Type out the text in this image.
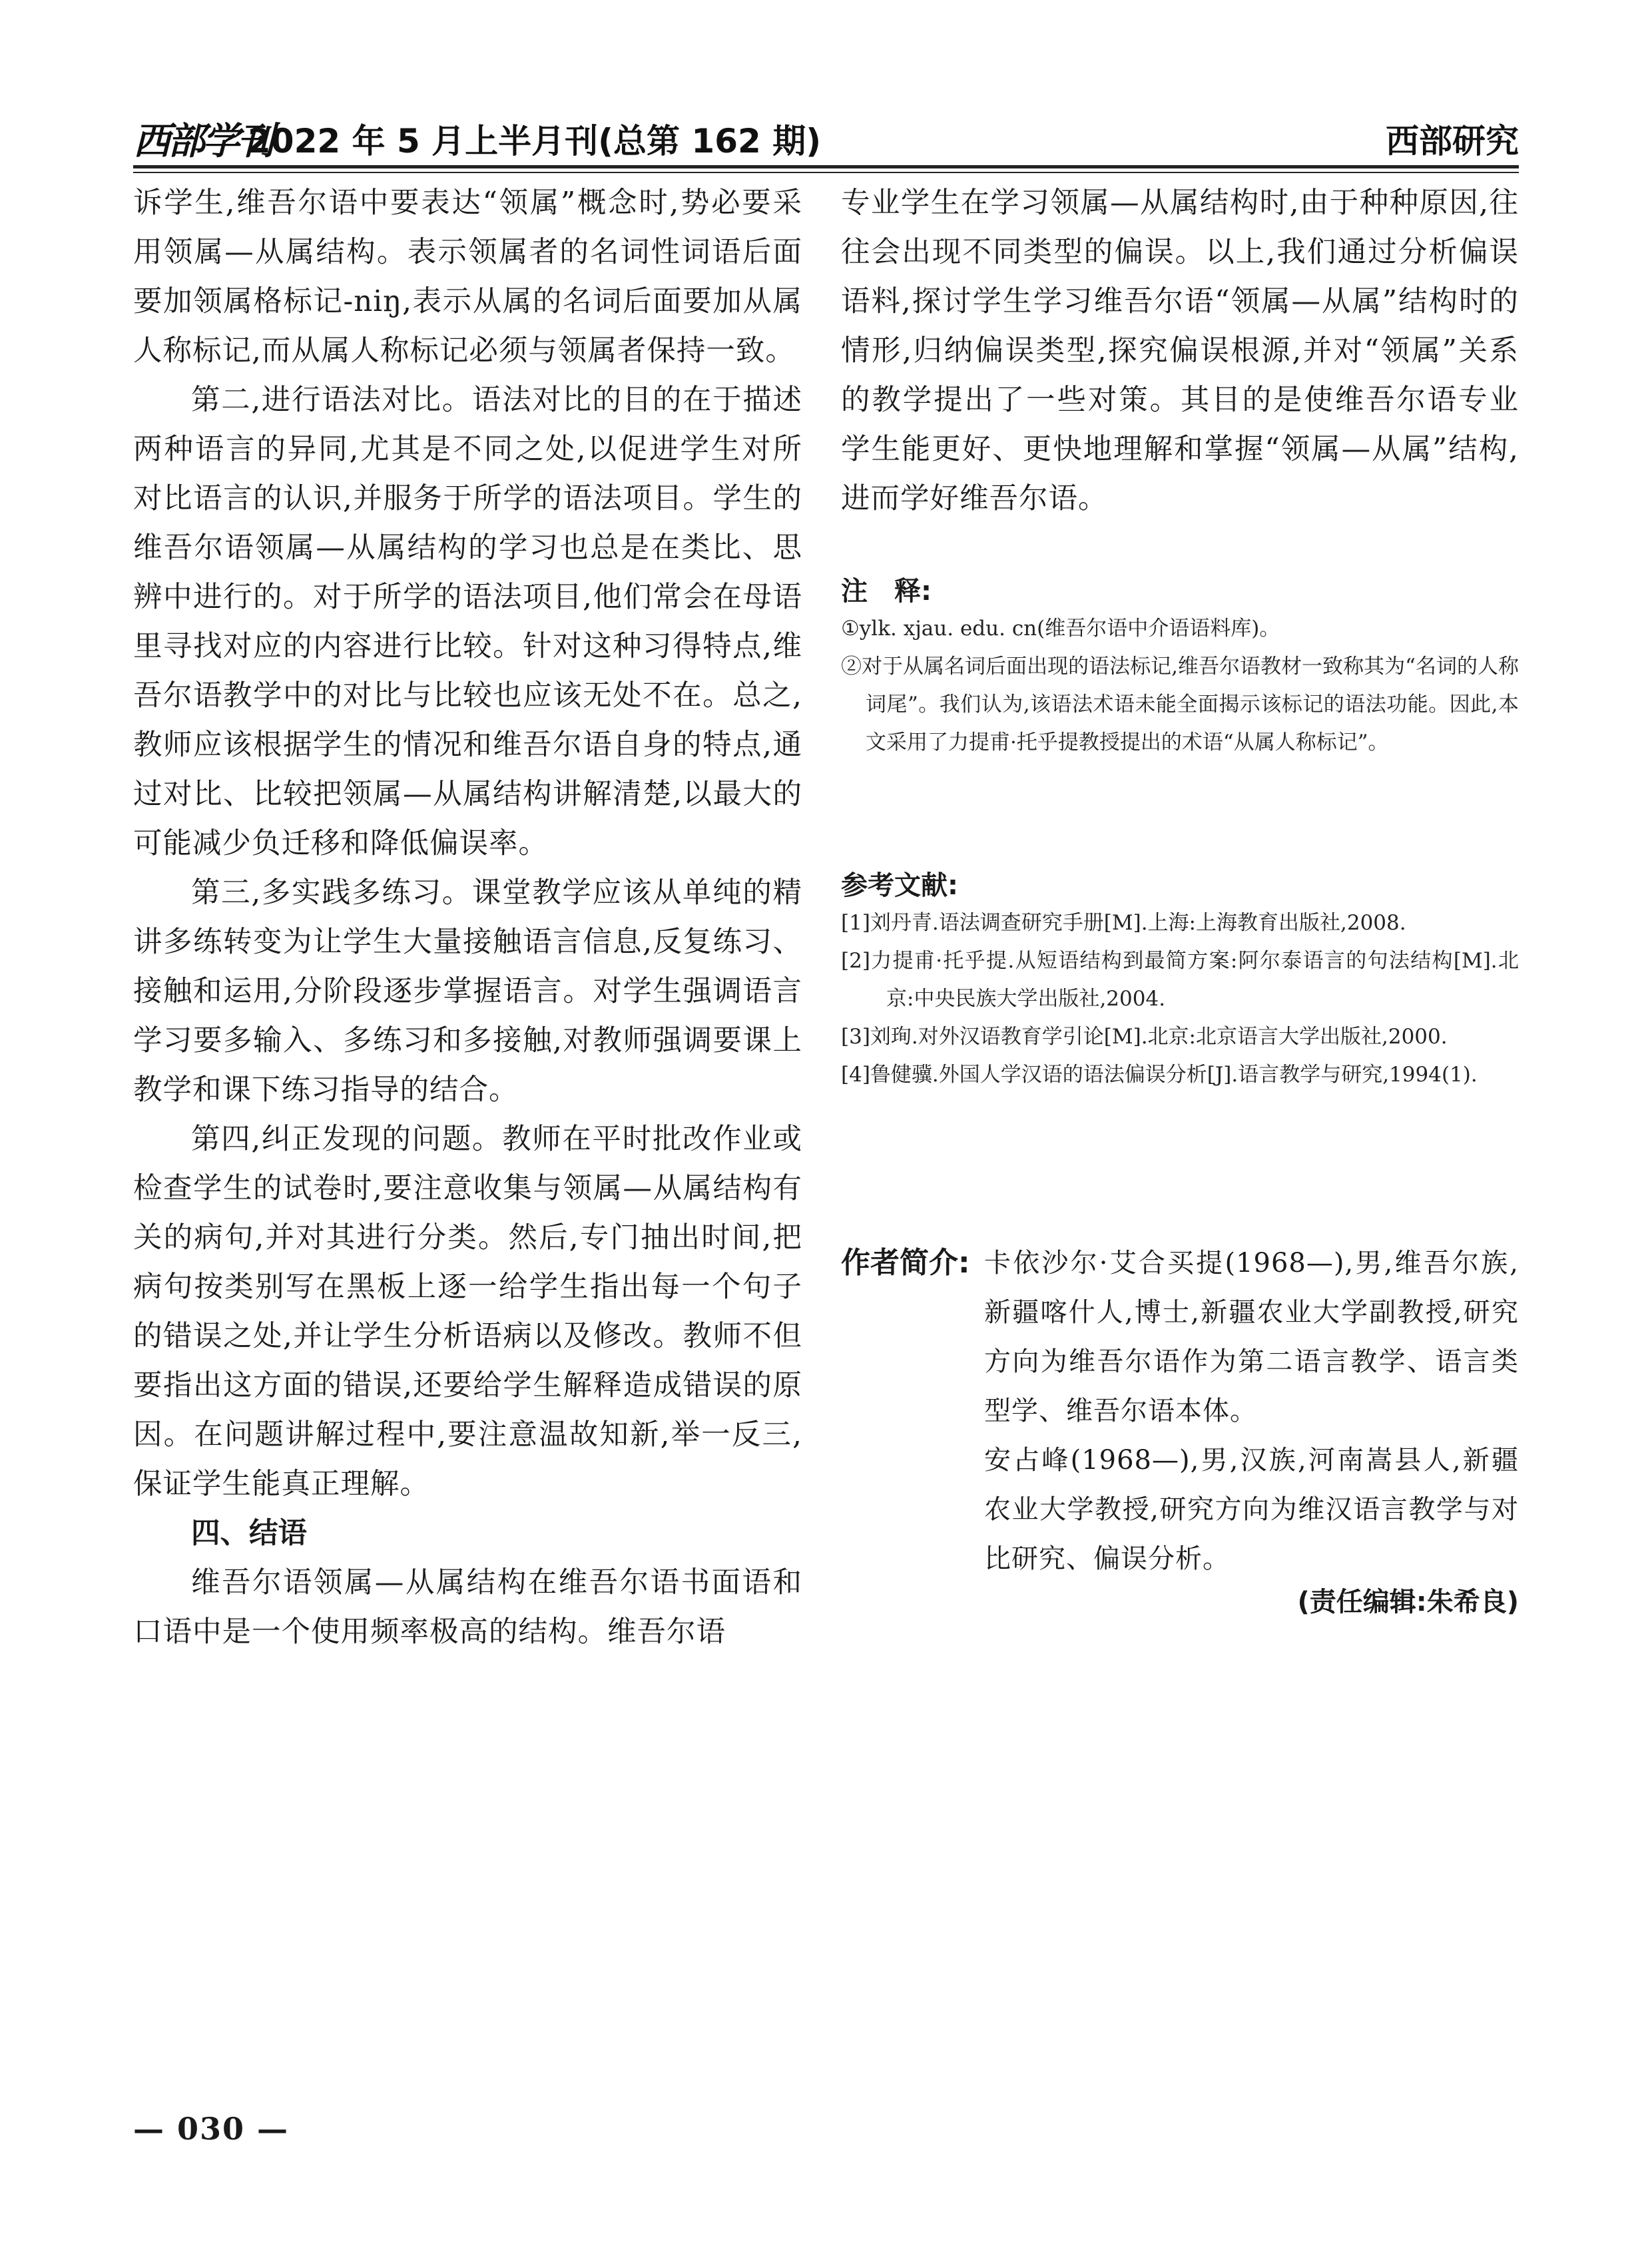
西部学刊
2022 年 5 月上半月刊(总第 162 期)	西部研究

诉学生,维吾尔语中要表达“领属”概念时,势必要采用领属—从属结构。表示领属者的名词性词语后面要加领属格标记-niŋ,表示从属的名词后面要加从属人称标记,而从属人称标记必须与领属者保持一致。

第二,进行语法对比。语法对比的目的在于描述两种语言的异同,尤其是不同之处,以促进学生对所对比语言的认识,并服务于所学的语法项目。学生的维吾尔语领属—从属结构的学习也总是在类比、思辨中进行的。对于所学的语法项目,他们常会在母语里寻找对应的内容进行比较。针对这种习得特点,维吾尔语教学中的对比与比较也应该无处不在。总之,教师应该根据学生的情况和维吾尔语自身的特点,通过对比、比较把领属—从属结构讲解清楚,以最大的可能减少负迁移和降低偏误率。

第三,多实践多练习。课堂教学应该从单纯的精讲多练转变为让学生大量接触语言信息,反复练习、接触和运用,分阶段逐步掌握语言。对学生强调语言学习要多输入、多练习和多接触,对教师强调要课上教学和课下练习指导的结合。

第四,纠正发现的问题。教师在平时批改作业或检查学生的试卷时,要注意收集与领属—从属结构有关的病句,并对其进行分类。然后,专门抽出时间,把病句按类别写在黑板上逐一给学生指出每一个句子的错误之处,并让学生分析语病以及修改。教师不但要指出这方面的错误,还要给学生解释造成错误的原因。在问题讲解过程中,要注意温故知新,举一反三,保证学生能真正理解。

四、结语

维吾尔语领属—从属结构在维吾尔语书面语和口语中是一个使用频率极高的结构。维吾尔语

专业学生在学习领属—从属结构时,由于种种原因,往往会出现不同类型的偏误。以上,我们通过分析偏误语料,探讨学生学习维吾尔语“领属—从属”结构时的情形,归纳偏误类型,探究偏误根源,并对“领属”关系的教学提出了一些对策。其目的是使维吾尔语专业学生能更好、更快地理解和掌握“领属—从属”结构,进而学好维吾尔语。

注　释:

①ylk. xjau. edu. cn(维吾尔语中介语语料库)。

②对于从属名词后面出现的语法标记,维吾尔语教材一致称其为“名词的人称词尾”。我们认为,该语法术语未能全面揭示该标记的语法功能。因此,本文采用了力提甫·托乎提教授提出的术语“从属人称标记”。

参考文献:

[1]刘丹青.语法调查研究手册[M].上海:上海教育出版社,2008.

[2]力提甫·托乎提.从短语结构到最简方案:阿尔泰语言的句法结构[M].北京:中央民族大学出版社,2004.

[3]刘珣.对外汉语教育学引论[M].北京:北京语言大学出版社,2000.

[4]鲁健骥.外国人学汉语的语法偏误分析[J].语言教学与研究,1994(1).

作者简介: 卡依沙尔·艾合买提(1968—),男,维吾尔族,新疆喀什人,博士,新疆农业大学副教授,研究方向为维吾尔语作为第二语言教学、语言类型学、维吾尔语本体。

安占峰(1968—),男,汉族,河南嵩县人,新疆农业大学教授,研究方向为维汉语言教学与对比研究、偏误分析。

(责任编辑:朱希良)
— 030 —
